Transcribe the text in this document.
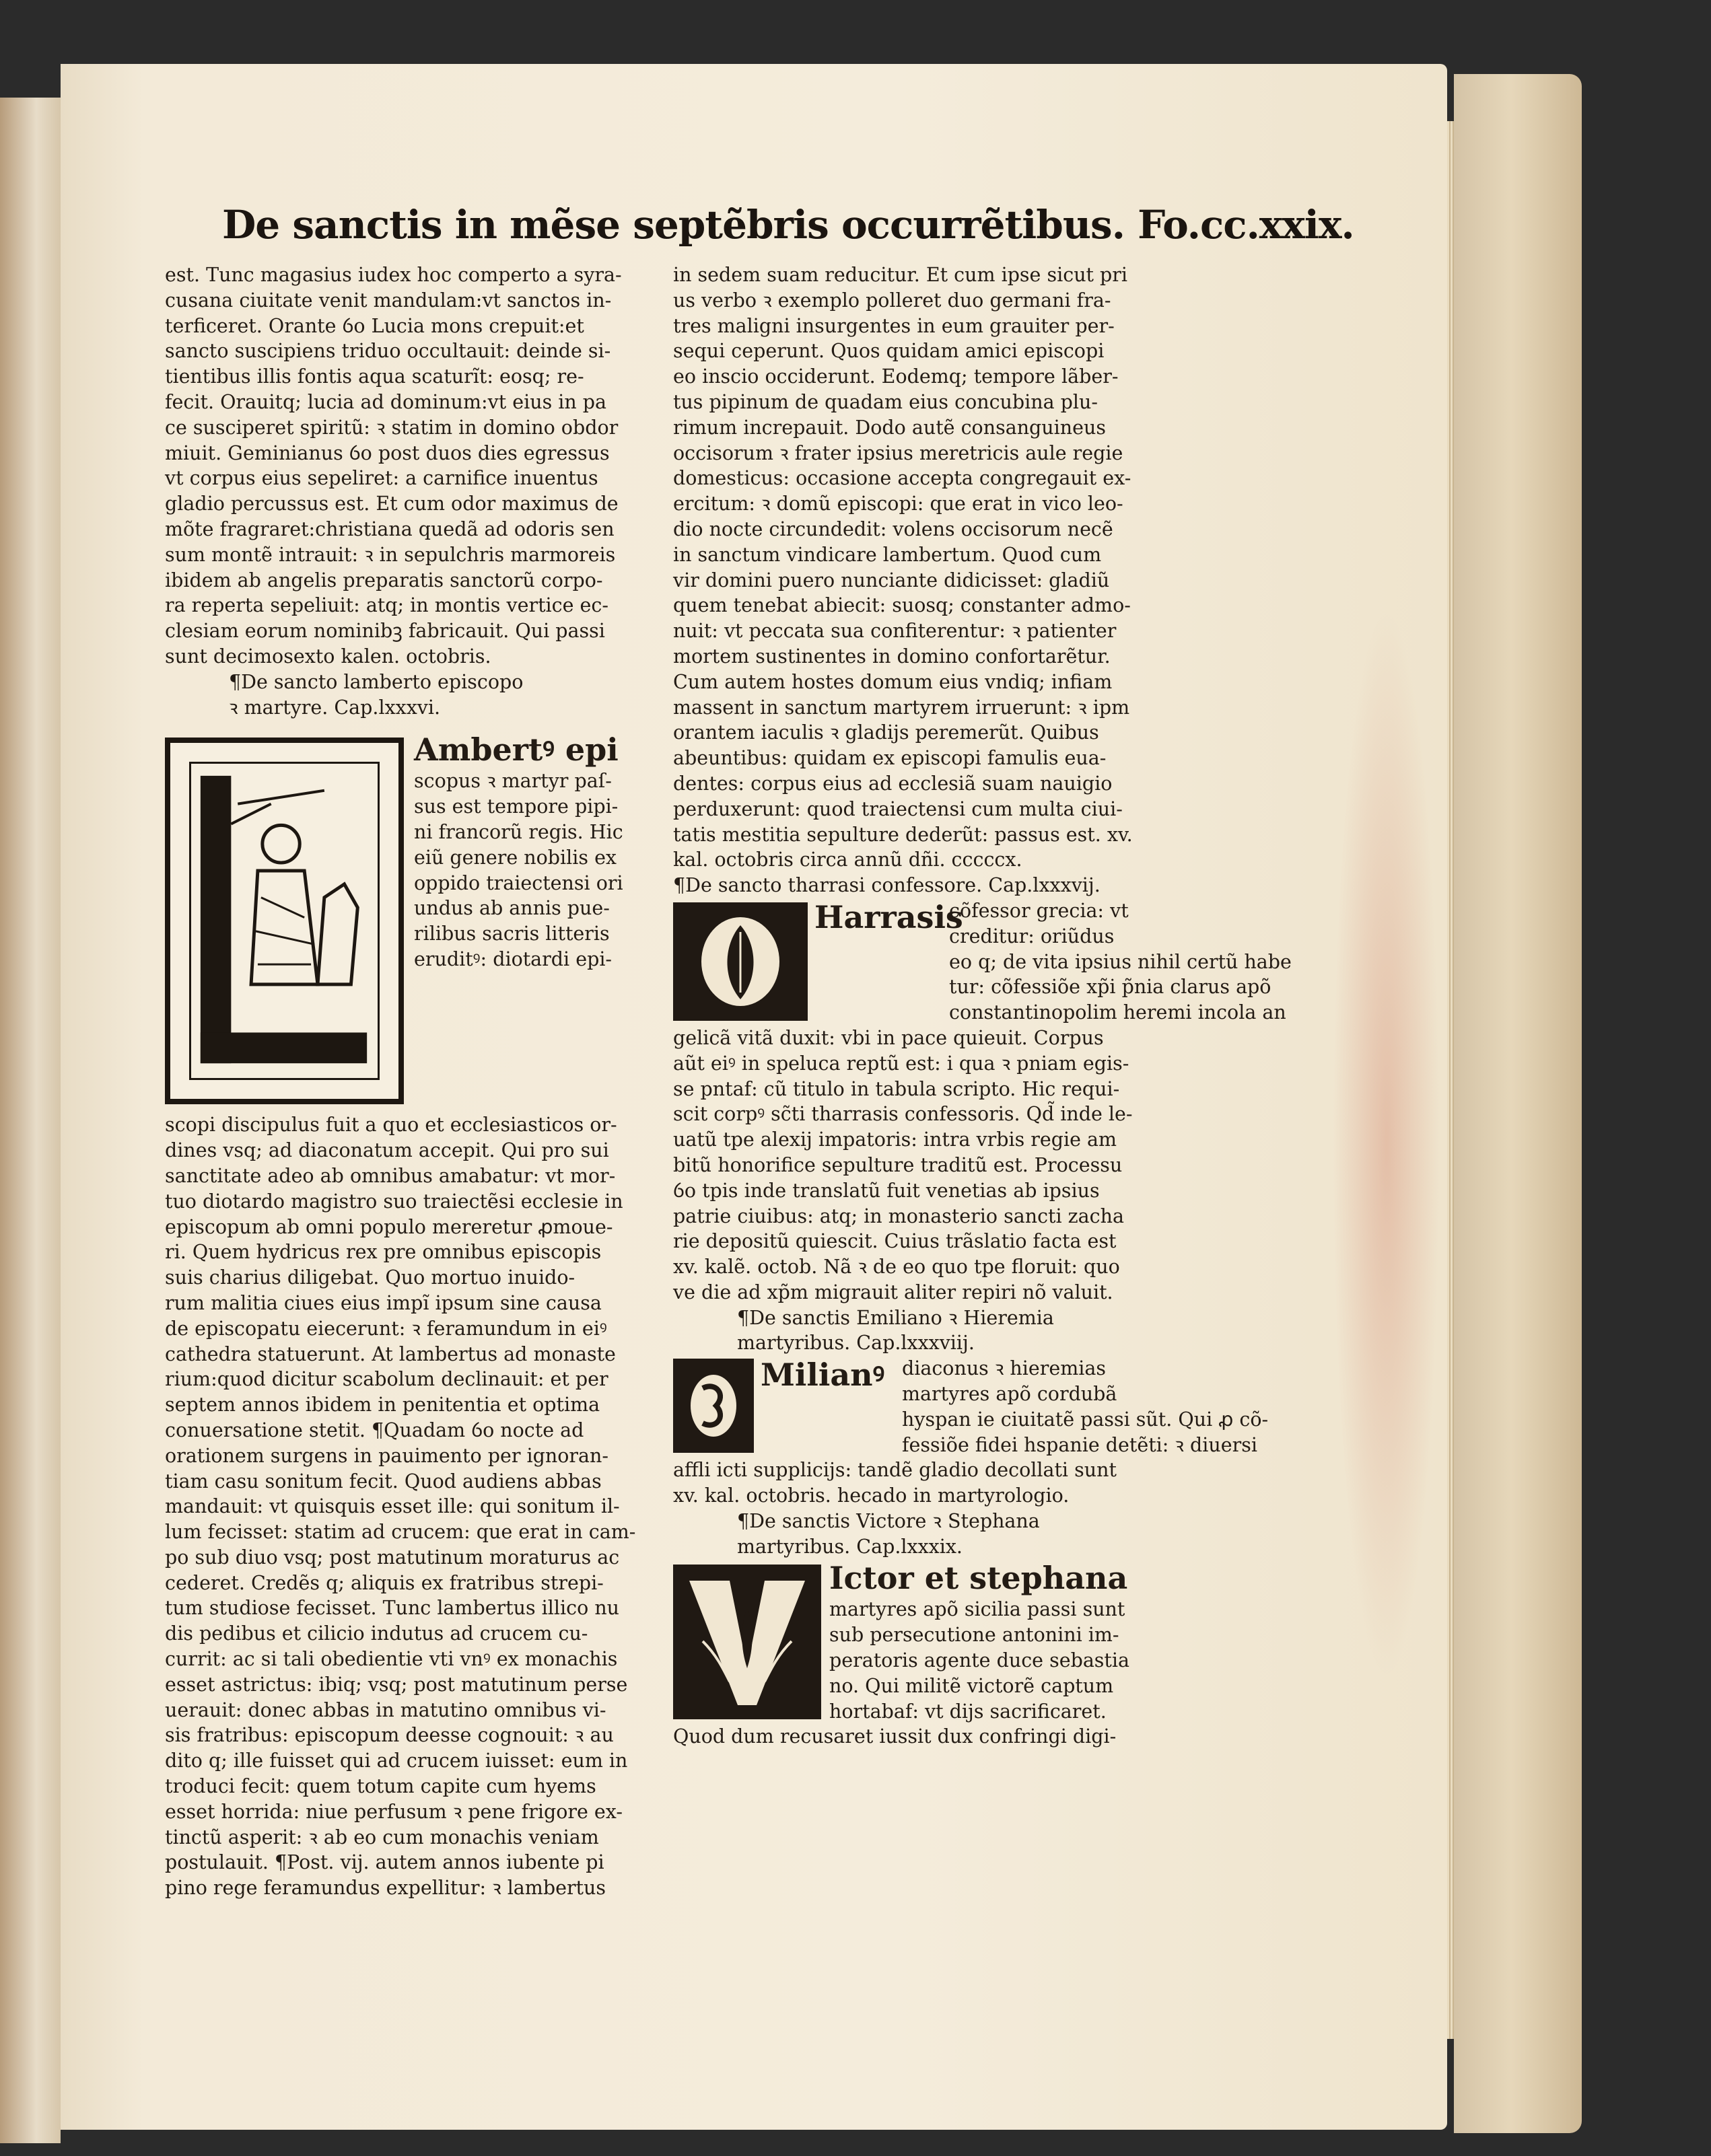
De sanctis in mẽse septẽbris occurrẽtibus. Fo.cc.xxix.
est. Tunc magasius iudex hoc comperto a syra-
cusana ciuitate venit mandulam:vt sanctos in-
terficeret. Orante ỽo Lucia mons crepuit:et
sancto suscipiens triduo occultauit: deinde si-
tientibus illis fontis aqua scaturĩt: eosq; re-
fecit. Orauitq; lucia ad dominum:vt eius in pa
ce susciperet spiritũ: ꝛ statim in domino obdor
miuit. Geminianus ỽo post duos dies egressus
vt corpus eius sepeliret: a carnifice inuentus
gladio percussus est. Et cum odor maximus de
mõte fragraret:christiana quedã ad odoris sen
sum montẽ intrauit: ꝛ in sepulchris marmoreis
ibidem ab angelis preparatis sanctorũ corpo-
ra reperta sepeliuit: atq; in montis vertice ec-
clesiam eorum nominibꝫ fabricauit. Qui passi
sunt decimosexto kalen. octobris.
¶De sancto lamberto episcopo
ꝛ martyre. Cap.lxxxvi.
Ambertꝰ epi
scopus ꝛ martyr paſ-
sus est tempore pipi-
ni francorũ regis. Hic
eiũ genere nobilis ex
oppido traiectensi ori
undus ab annis pue-
rilibus sacris litteris
eruditꝰ: diotardi epi-
scopi discipulus fuit a quo et ecclesiasticos or-
dines vsq; ad diaconatum accepit. Qui pro sui
sanctitate adeo ab omnibus amabatur: vt mor-
tuo diotardo magistro suo traiectẽsi ecclesie in
episcopum ab omni populo mereretur ꝓmoue-
ri. Quem hydricus rex pre omnibus episcopis
suis charius diligebat. Quo mortuo inuido-
rum malitia ciues eius impĩ ipsum sine causa
de episcopatu eiecerunt: ꝛ feramundum in eiꝰ
cathedra statuerunt. At lambertus ad monaste
rium:quod dicitur scabolum declinauit: et per
septem annos ibidem in penitentia et optima
conuersatione stetit. ¶Quadam ỽo nocte ad
orationem surgens in pauimento per ignoran-
tiam casu sonitum fecit. Quod audiens abbas
mandauit: vt quisquis esset ille: qui sonitum il-
lum fecisset: statim ad crucem: que erat in cam-
po sub diuo vsq; post matutinum moraturus ac
cederet. Credẽs q; aliquis ex fratribus strepi-
tum studiose fecisset. Tunc lambertus illico nu
dis pedibus et cilicio indutus ad crucem cu-
currit: ac si tali obedientie vti vnꝰ ex monachis
esset astrictus: ibiq; vsq; post matutinum perse
uerauit: donec abbas in matutino omnibus vi-
sis fratribus: episcopum deesse cognouit: ꝛ au
dito q; ille fuisset qui ad crucem iuisset: eum in
troduci fecit: quem totum capite cum hyems
esset horrida: niue perfusum ꝛ pene frigore ex-
tinctũ asperit: ꝛ ab eo cum monachis veniam
postulauit. ¶Post. vij. autem annos iubente pi
pino rege feramundus expellitur: ꝛ lambertus
in sedem suam reducitur. Et cum ipse sicut pri
us verbo ꝛ exemplo polleret duo germani fra-
tres maligni insurgentes in eum grauiter per-
sequi ceperunt. Quos quidam amici episcopi
eo inscio occiderunt. Eodemq; tempore lãber-
tus pipinum de quadam eius concubina plu-
rimum increpauit. Dodo autẽ consanguineus
occisorum ꝛ frater ipsius meretricis aule regie
domesticus: occasione accepta congregauit ex-
ercitum: ꝛ domũ episcopi: que erat in vico leo-
dio nocte circundedit: volens occisorum necẽ
in sanctum vindicare lambertum. Quod cum
vir domini puero nunciante didicisset: gladiũ
quem tenebat abiecit: suosq; constanter admo-
nuit: vt peccata sua confiterentur: ꝛ patienter
mortem sustinentes in domino confortarẽtur.
Cum autem hostes domum eius vndiq; infiam
massent in sanctum martyrem irruerunt: ꝛ ipm
orantem iaculis ꝛ gladijs peremerũt. Quibus
abeuntibus: quidam ex episcopi famulis eua-
dentes: corpus eius ad ecclesiã suam nauigio
perduxerunt: quod traiectensi cum multa ciui-
tatis mestitia sepulture dederũt: passus est. xv.
kal. octobris circa annũ dñi. cccccx.
¶De sancto tharrasi confessore. Cap.lxxxvij.
Harrasis
cõfessor grecia: vt
creditur: oriũdus
eo q; de vita ipsius nihil certũ habe
tur: cõfessiõe xp̃i p̃nia clarus apõ
constantinopolim heremi incola an
gelicã vitã duxit: vbi in pace quieuit. Corpus
aũt eiꝰ in speluca reptũ est: i qua ꝛ pniam egis-
se pntaf: cũ titulo in tabula scripto. Hic requi-
scit corpꝰ sc̃ti tharrasis confessoris. Qd̃ inde le-
uatũ tpe alexij impatoris: intra vrbis regie am
bitũ honorifice sepulture traditũ est. Processu
ỽo tpis inde translatũ fuit venetias ab ipsius
patrie ciuibus: atq; in monasterio sancti zacha
rie depositũ quiescit. Cuius trãslatio facta est
xv. kalẽ. octob. Nã ꝛ de eo quo tpe floruit: quo
ve die ad xp̃m migrauit aliter repiri nõ valuit.
¶De sanctis Emiliano ꝛ Hieremia
martyribus. Cap.lxxxviij.
Milianꝰ diaconus ꝛ hieremias
martyres apõ cordubã
hyspan ie ciuitatẽ passi sũt. Qui ꝓ cõ-
fessiõe fidei hspanie detẽti: ꝛ diuersi
affli icti supplicijs: tandẽ gladio decollati sunt
xv. kal. octobris. hecado in martyrologio.
¶De sanctis Victore ꝛ Stephana
martyribus. Cap.lxxxix.
Ictor et stephana
martyres apõ sicilia passi sunt
sub persecutione antonini im-
peratoris agente duce sebastia
no. Qui militẽ victorẽ captum
hortabaf: vt dijs sacrificaret.
Quod dum recusaret iussit dux confringi digi-
